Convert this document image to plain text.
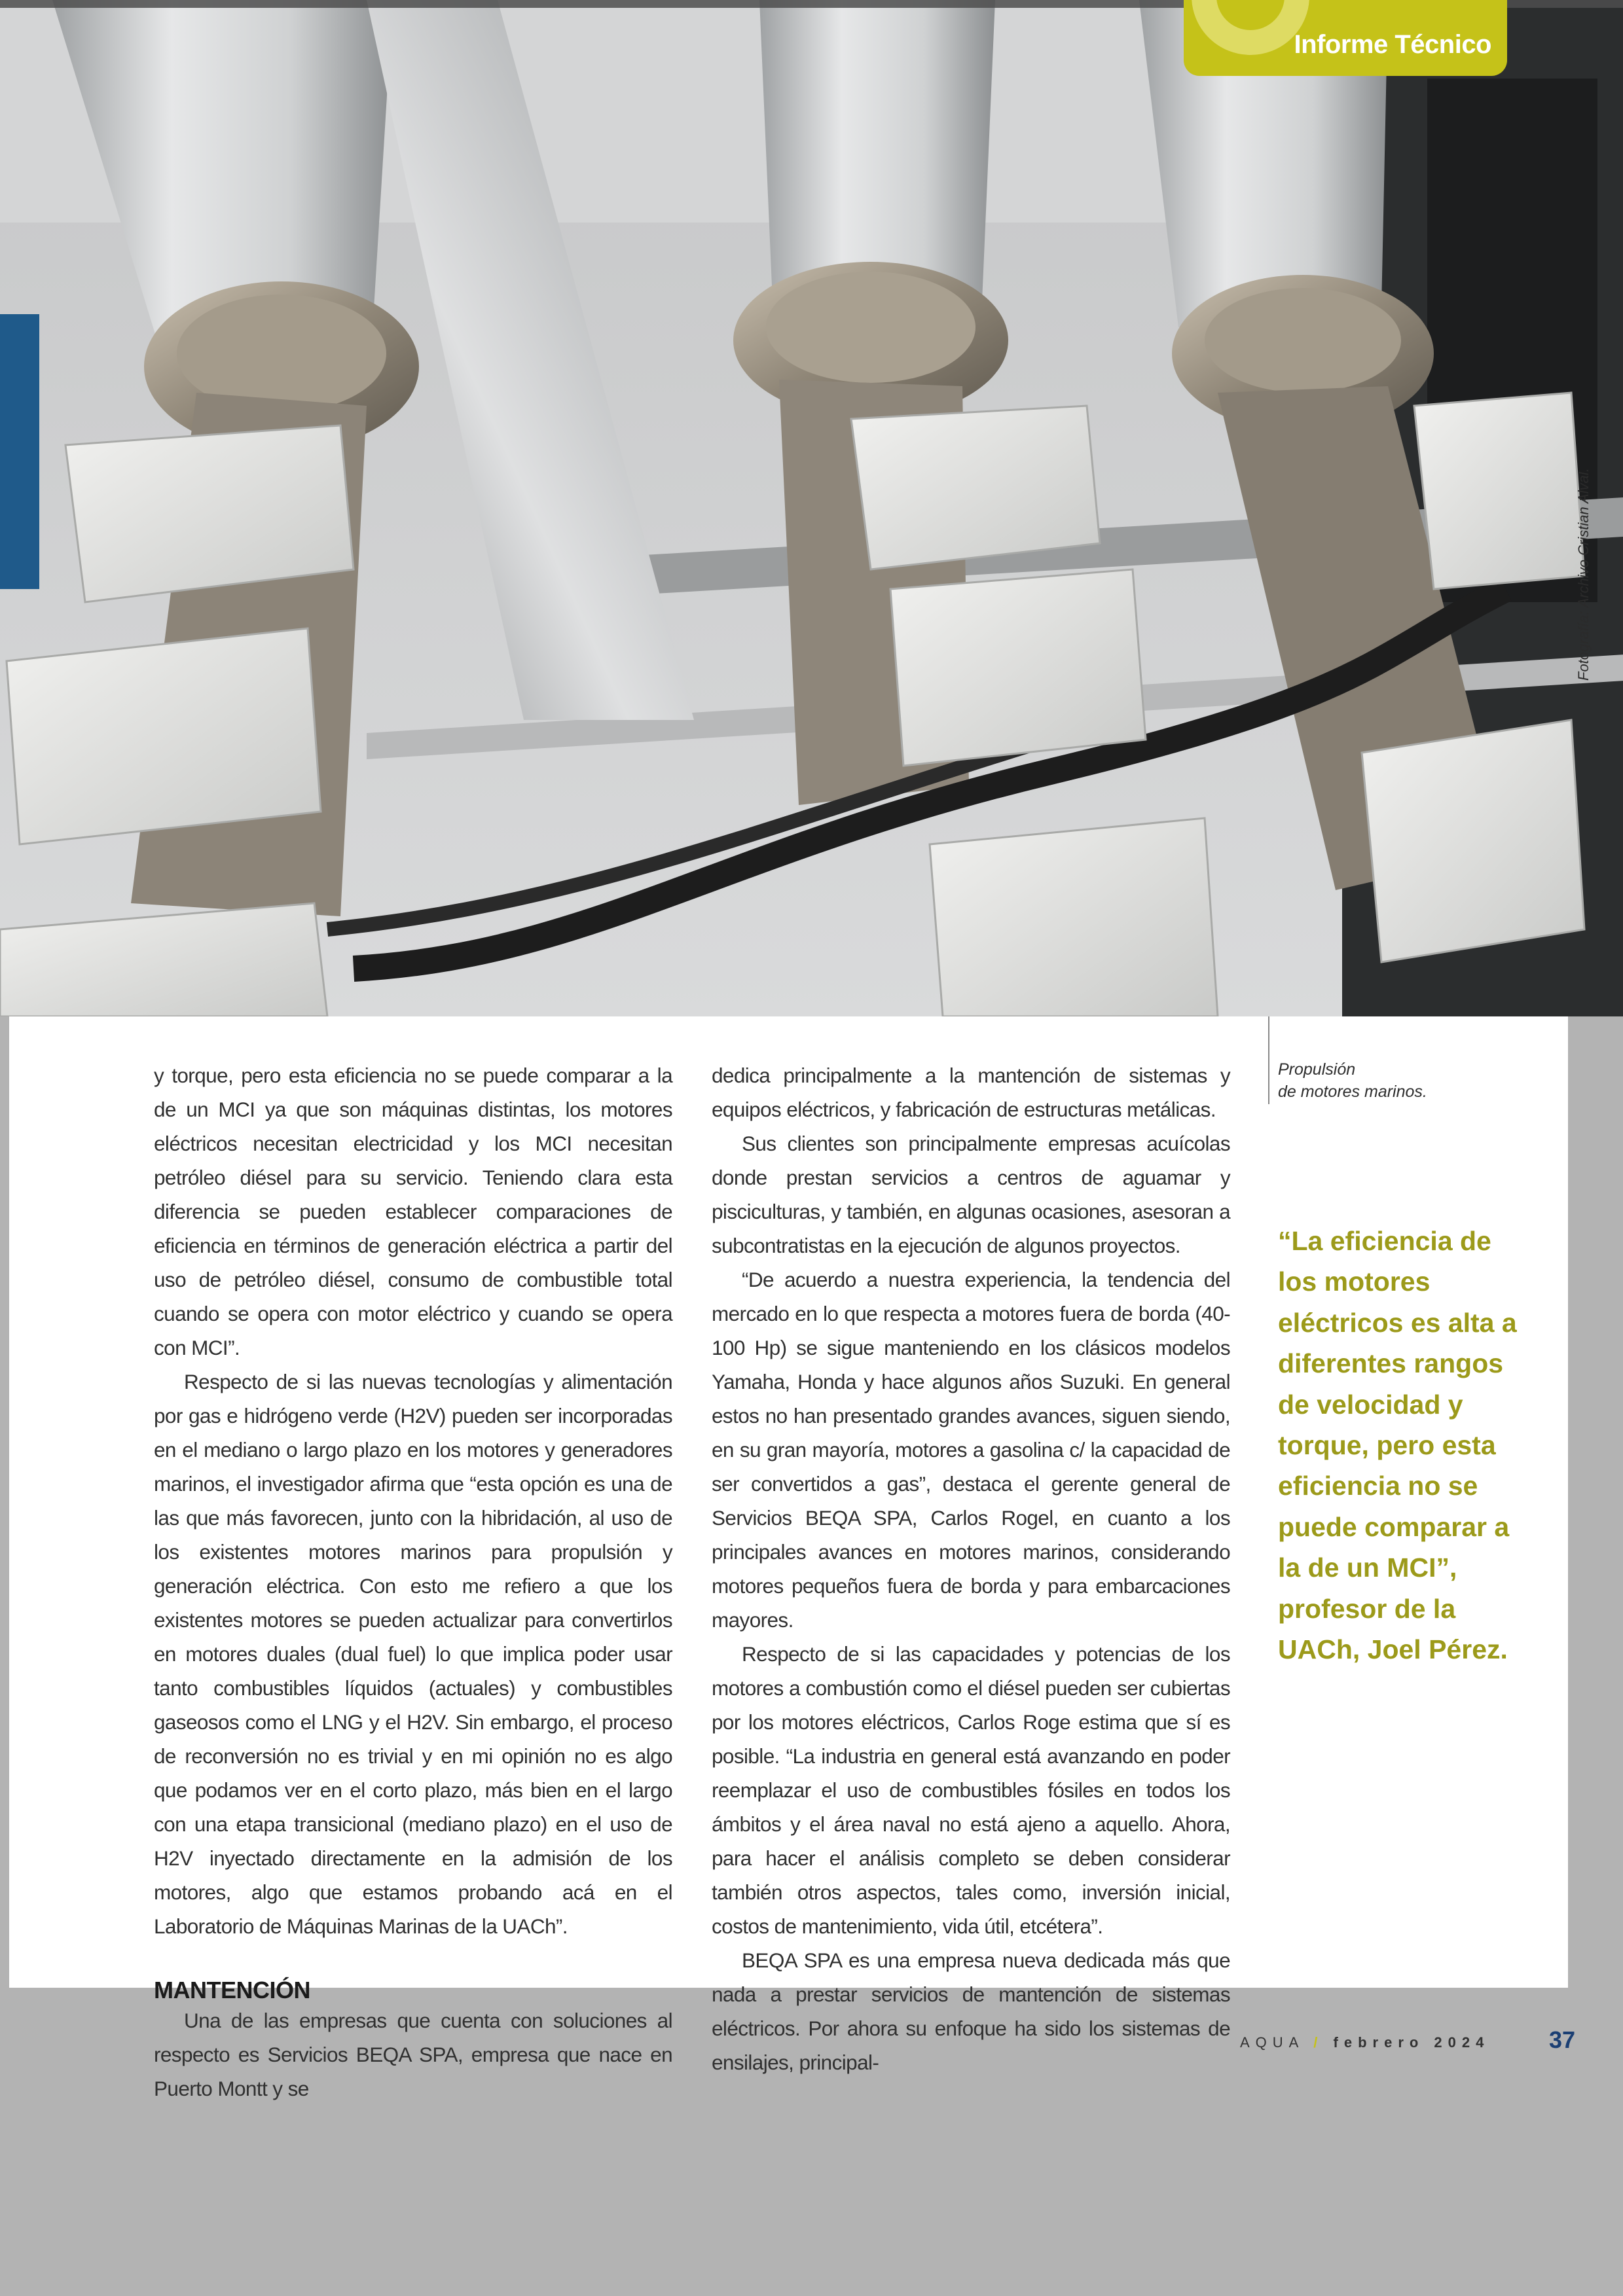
Informe Técnico
Fotografía: Archivo Cristian Alval.

y torque, pero esta eficiencia no se puede comparar a la de un MCI ya que son máquinas distintas, los motores eléctricos necesitan electricidad y los MCI necesitan petróleo diésel para su servicio. Teniendo clara esta diferencia se pueden establecer comparaciones de eficiencia en términos de generación eléctrica a partir del uso de petróleo diésel, consumo de combustible total cuando se opera con motor eléctrico y cuando se opera con MCI”.

Respecto de si las nuevas tecnologías y alimentación por gas e hidrógeno verde (H2V) pueden ser incorporadas en el mediano o largo plazo en los motores y generadores marinos, el investigador afirma que “esta opción es una de las que más favorecen, junto con la hibridación, al uso de los existentes motores marinos para propulsión y generación eléctrica. Con esto me refiero a que los existentes motores se pueden actualizar para convertirlos en motores duales (dual fuel) lo que implica poder usar tanto combustibles líquidos (actuales) y combustibles gaseosos como el LNG y el H2V. Sin embargo, el proceso de reconversión no es trivial y en mi opinión no es algo que podamos ver en el corto plazo, más bien en el largo con una etapa transicional (mediano plazo) en el uso de H2V inyectado directamente en la admisión de los motores, algo que estamos probando acá en el Laboratorio de Máquinas Marinas de la UACh”.

MANTENCIÓN

Una de las empresas que cuenta con soluciones al respecto es Servicios BEQA SPA, empresa que nace en Puerto Montt y se

dedica principalmente a la mantención de sistemas y equipos eléctricos, y fabricación de estructuras metálicas.

Sus clientes son principalmente empresas acuícolas donde prestan servicios a centros de aguamar y pisciculturas, y también, en algunas ocasiones, asesoran a subcontratistas en la ejecución de algunos proyectos.

“De acuerdo a nuestra experiencia, la tendencia del mercado en lo que respecta a motores fuera de borda (40-100 Hp) se sigue manteniendo en los clásicos modelos Yamaha, Honda y hace algunos años Suzuki. En general estos no han presentado grandes avances, siguen siendo, en su gran mayoría, motores a gasolina c/ la capacidad de ser convertidos a gas”, destaca el gerente general de Servicios BEQA SPA, Carlos Rogel, en cuanto a los principales avances en motores marinos, considerando motores pequeños fuera de borda y para embarcaciones mayores.

Respecto de si las capacidades y potencias de los motores a combustión como el diésel pueden ser cubiertas por los motores eléctricos, Carlos Roge estima que sí es posible. “La industria en general está avanzando en poder reemplazar el uso de combustibles fósiles en todos los ámbitos y el área naval no está ajeno a aquello. Ahora, para hacer el análisis completo se deben considerar también otros aspectos, tales como, inversión inicial, costos de mantenimiento, vida útil, etcétera”.

BEQA SPA es una empresa nueva dedicada más que nada a prestar servicios de mantención de sistemas eléctricos. Por ahora su enfoque ha sido los sistemas de ensilajes, principal-

Propulsión
de motores marinos.

“La eficiencia de los motores eléctricos es alta a diferentes rangos de velocidad y torque, pero esta eficiencia no se puede comparar a la de un MCI”, profesor de la UACh, Joel Pérez.

AQUA / febrero 2024	37
